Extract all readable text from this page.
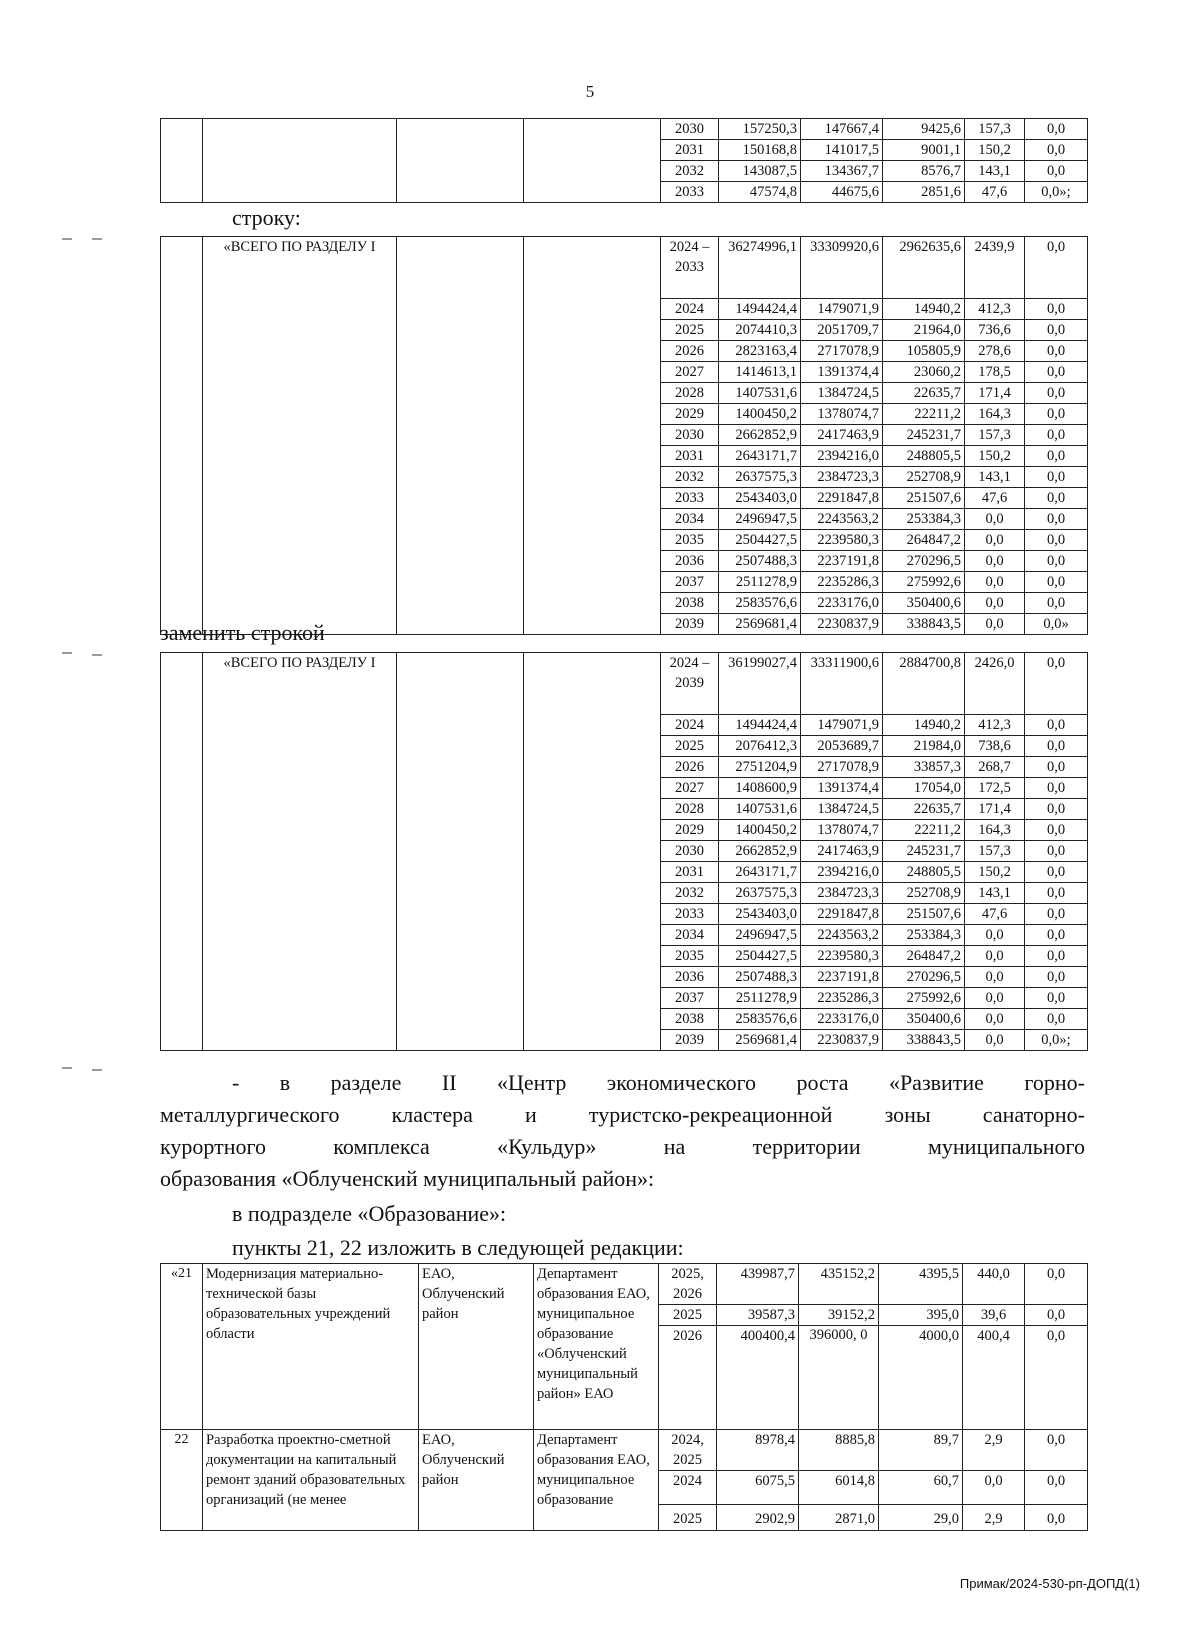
5
				2030	157250,3	147667,4	9425,6	157,3	0,0
				2031	150168,8	141017,5	9001,1	150,2	0,0
				2032	143087,5	134367,7	8576,7	143,1	0,0
				2033	47574,8	44675,6	2851,6	47,6	0,0»;
строку:
	«ВСЕГО ПО РАЗДЕЛУ I			2024 – 2033	36274996,1	33309920,6	2962635,6	2439,9	0,0
				2024	1494424,4	1479071,9	14940,2	412,3	0,0
				2025	2074410,3	2051709,7	21964,0	736,6	0,0
				2026	2823163,4	2717078,9	105805,9	278,6	0,0
				2027	1414613,1	1391374,4	23060,2	178,5	0,0
				2028	1407531,6	1384724,5	22635,7	171,4	0,0
				2029	1400450,2	1378074,7	22211,2	164,3	0,0
				2030	2662852,9	2417463,9	245231,7	157,3	0,0
				2031	2643171,7	2394216,0	248805,5	150,2	0,0
				2032	2637575,3	2384723,3	252708,9	143,1	0,0
				2033	2543403,0	2291847,8	251507,6	47,6	0,0
				2034	2496947,5	2243563,2	253384,3	0,0	0,0
				2035	2504427,5	2239580,3	264847,2	0,0	0,0
				2036	2507488,3	2237191,8	270296,5	0,0	0,0
				2037	2511278,9	2235286,3	275992,6	0,0	0,0
				2038	2583576,6	2233176,0	350400,6	0,0	0,0
				2039	2569681,4	2230837,9	338843,5	0,0	0,0»
заменить строкой
	«ВСЕГО ПО РАЗДЕЛУ I			2024 – 2039	36199027,4	33311900,6	2884700,8	2426,0	0,0
				2024	1494424,4	1479071,9	14940,2	412,3	0,0
				2025	2076412,3	2053689,7	21984,0	738,6	0,0
				2026	2751204,9	2717078,9	33857,3	268,7	0,0
				2027	1408600,9	1391374,4	17054,0	172,5	0,0
				2028	1407531,6	1384724,5	22635,7	171,4	0,0
				2029	1400450,2	1378074,7	22211,2	164,3	0,0
				2030	2662852,9	2417463,9	245231,7	157,3	0,0
				2031	2643171,7	2394216,0	248805,5	150,2	0,0
				2032	2637575,3	2384723,3	252708,9	143,1	0,0
				2033	2543403,0	2291847,8	251507,6	47,6	0,0
				2034	2496947,5	2243563,2	253384,3	0,0	0,0
				2035	2504427,5	2239580,3	264847,2	0,0	0,0
				2036	2507488,3	2237191,8	270296,5	0,0	0,0
				2037	2511278,9	2235286,3	275992,6	0,0	0,0
				2038	2583576,6	2233176,0	350400,6	0,0	0,0
				2039	2569681,4	2230837,9	338843,5	0,0	0,0»;
- в разделе II «Центр экономического роста «Развитие горно-
металлургического кластера и туристско-рекреационной зоны санаторно-
курортного комплекса «Кульдур» на территории муниципального
образования «Облученский муниципальный район»:
в подразделе «Образование»:
пункты 21, 22 изложить в следующей редакции:
«21	Модернизация материально-технической базы образовательных учреждений области	ЕАО, Облученский район	Департамент образования ЕАО, муниципальное образование «Облученский муниципальный район» ЕАО	2025, 2026	439987,7	435152,2	4395,5	440,0	0,0
				2025	39587,3	39152,2	395,0	39,6	0,0
				2026	400400,4	396000, 0	4000,0	400,4	0,0
22	Разработка проектно-сметной документации на капитальный ремонт зданий образовательных организаций (не менее	ЕАО, Облученский район	Департамент образования ЕАО, муниципальное образование	2024, 2025	8978,4	8885,8	89,7	2,9	0,0
				2024	6075,5	6014,8	60,7	0,0	0,0
				2025	2902,9	2871,0	29,0	2,9	0,0
Примак/2024-530-рп-ДОПД(1)
